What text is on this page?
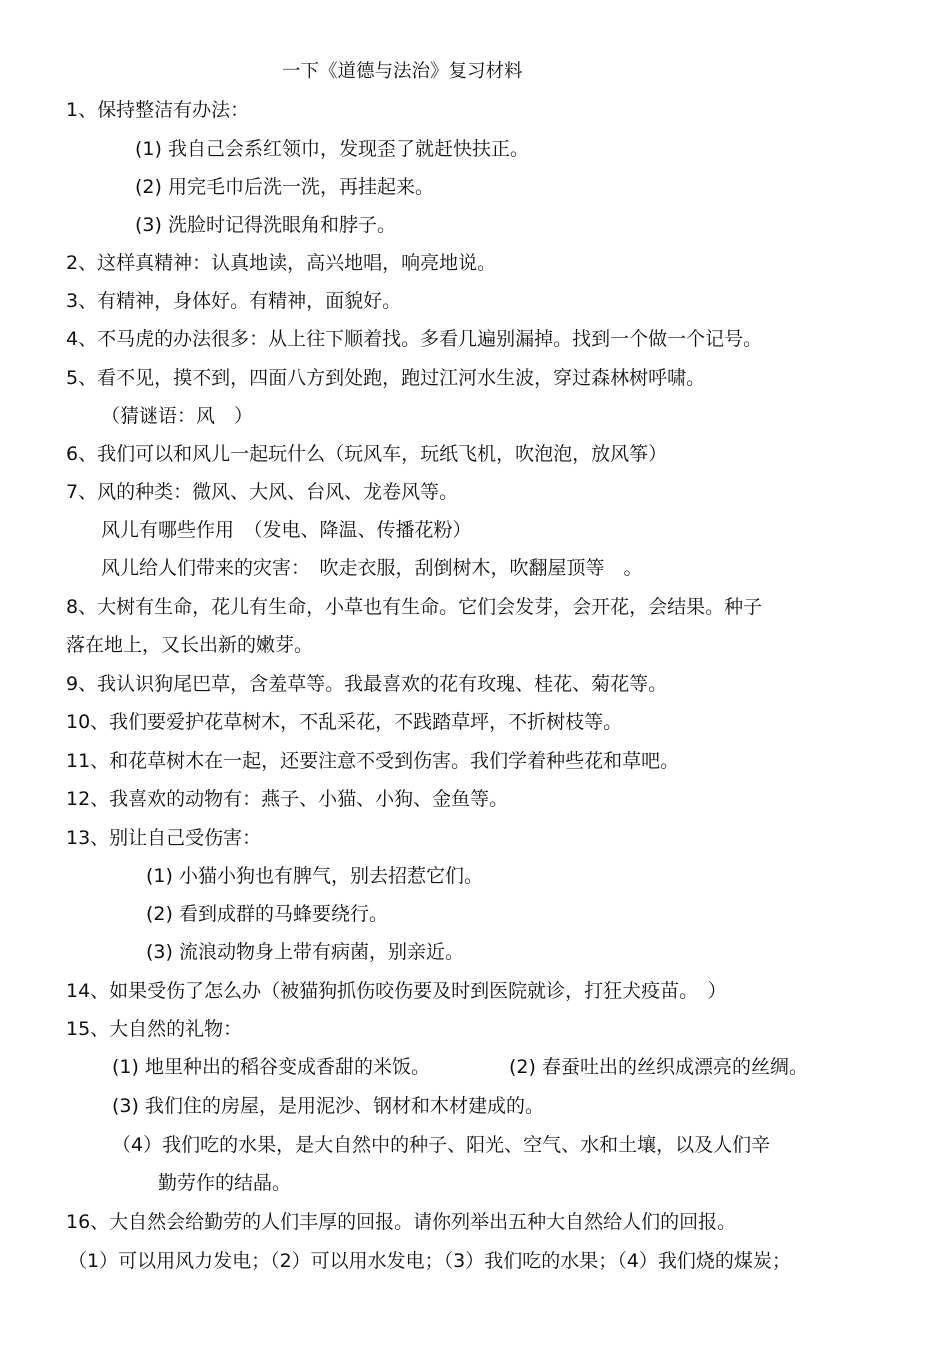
一下《道德与法治》复习材料
1、保持整洁有办法：
(1) 我自己会系红领巾，发现歪了就赶快扶正。
(2) 用完毛巾后洗一洗，再挂起来。
(3) 洗脸时记得洗眼角和脖子。
2、这样真精神：认真地读，高兴地唱，响亮地说。
3、有精神，身体好。有精神，面貌好。
4、不马虎的办法很多：从上往下顺着找。多看几遍别漏掉。找到一个做一个记号。
5、看不见，摸不到，四面八方到处跑，跑过江河水生波，穿过森林树呼啸。
（猜谜语：风　）
6、我们可以和风儿一起玩什么（玩风车，玩纸飞机，吹泡泡，放风筝）
7、风的种类：微风、大风、台风、龙卷风等。
风儿有哪些作用　（发电、降温、传播花粉）
风儿给人们带来的灾害：　吹走衣服，刮倒树木，吹翻屋顶等　。
8、大树有生命，花儿有生命，小草也有生命。它们会发芽，会开花，会结果。种子
落在地上，又长出新的嫩芽。
9、我认识狗尾巴草，含羞草等。我最喜欢的花有玫瑰、桂花、菊花等。
10、我们要爱护花草树木，不乱采花，不践踏草坪，不折树枝等。
11、和花草树木在一起，还要注意不受到伤害。我们学着种些花和草吧。
12、我喜欢的动物有：燕子、小猫、小狗、金鱼等。
13、别让自己受伤害：
(1) 小猫小狗也有脾气，别去招惹它们。
(2) 看到成群的马蜂要绕行。
(3) 流浪动物身上带有病菌，别亲近。
14、如果受伤了怎么办（被猫狗抓伤咬伤要及时到医院就诊，打狂犬疫苗。　）
15、大自然的礼物：
(1) 地里种出的稻谷变成香甜的米饭。	(2) 春蚕吐出的丝织成漂亮的丝绸。
(3) 我们住的房屋，是用泥沙、钢材和木材建成的。
（4）我们吃的水果，是大自然中的种子、阳光、空气、水和土壤，以及人们辛
勤劳作的结晶。
16、大自然会给勤劳的人们丰厚的回报。请你列举出五种大自然给人们的回报。
（1）可以用风力发电；（2）可以用水发电；（3）我们吃的水果；（4）我们烧的煤炭；
